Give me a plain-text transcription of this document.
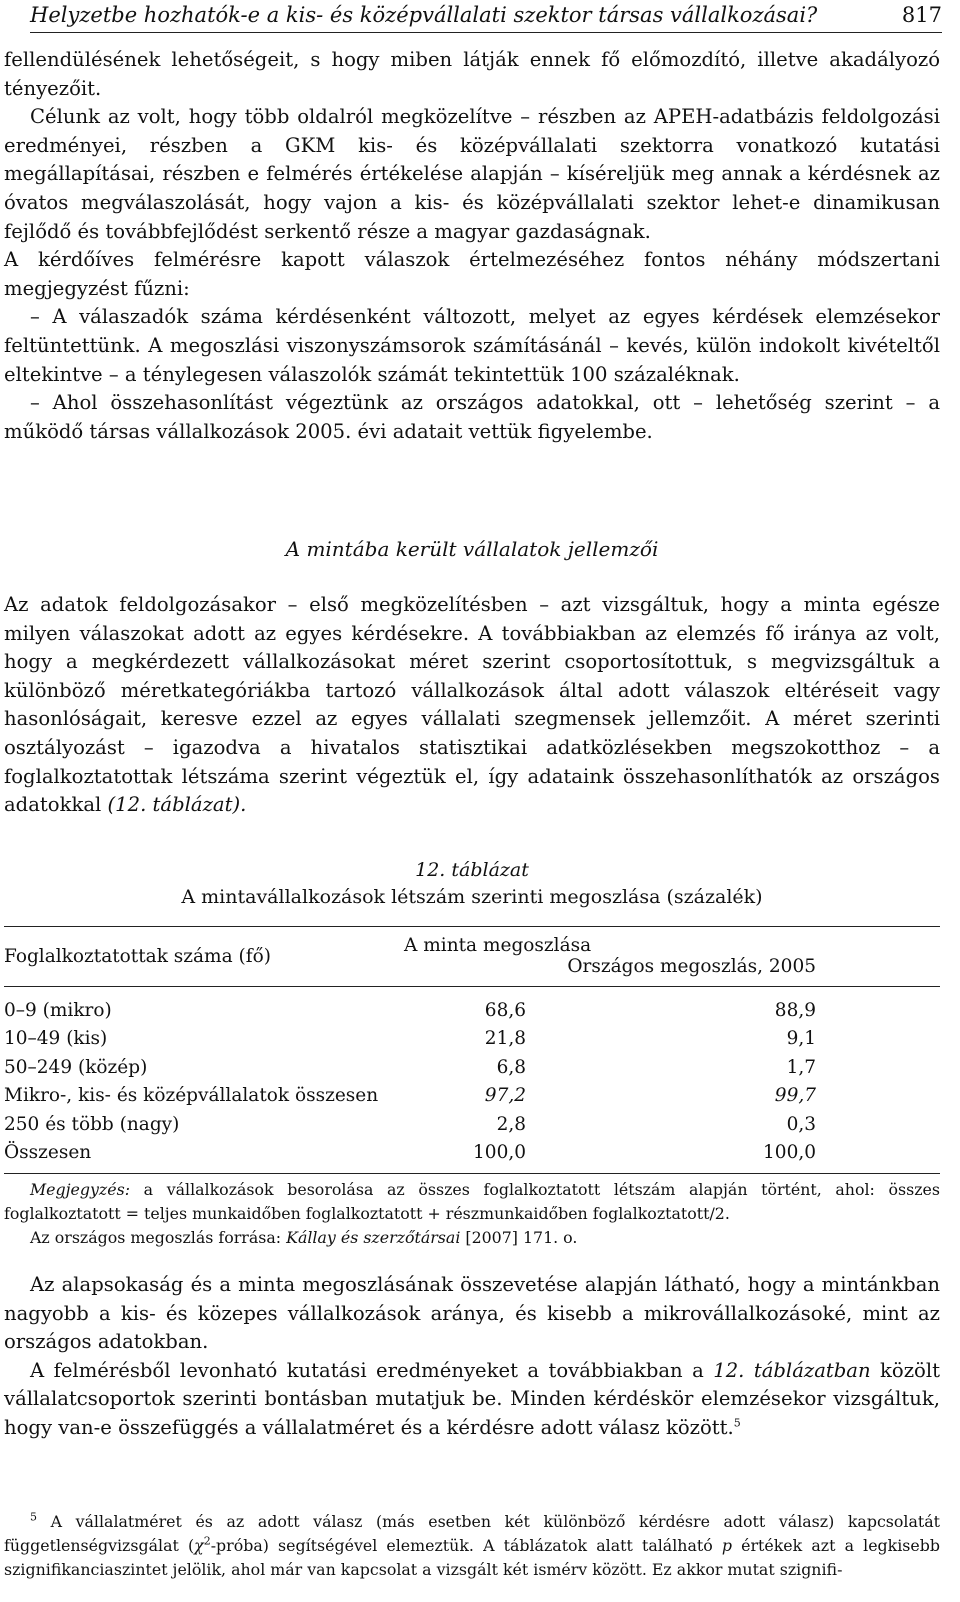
Helyzetbe hozhatók-e a kis- és középvállalati szektor társas vállalkozásai?	817

fellendülésének lehetőségeit, s hogy miben látják ennek fő előmozdító, illetve akadályozó tényezőit.

Célunk az volt, hogy több oldalról megközelítve – részben az APEH-adatbázis feldolgozási eredményei, részben a GKM kis- és középvállalati szektorra vonatkozó kutatási megállapításai, részben e felmérés értékelése alapján – kíséreljük meg annak a kérdésnek az óvatos megválaszolását, hogy vajon a kis- és középvállalati szektor lehet-e dinamikusan fejlődő és továbbfejlődést serkentő része a magyar gazdaságnak.

A kérdőíves felmérésre kapott válaszok értelmezéséhez fontos néhány módszertani megjegyzést fűzni:

– A válaszadók száma kérdésenként változott, melyet az egyes kérdések elemzésekor feltüntettünk. A megoszlási viszonyszámsorok számításánál – kevés, külön indokolt kivételtől eltekintve – a ténylegesen válaszolók számát tekintettük 100 százaléknak.

– Ahol összehasonlítást végeztünk az országos adatokkal, ott – lehetőség szerint – a működő társas vállalkozások 2005. évi adatait vettük figyelembe.

A mintába került vállalatok jellemzői

Az adatok feldolgozásakor – első megközelítésben – azt vizsgáltuk, hogy a minta egésze milyen válaszokat adott az egyes kérdésekre. A továbbiakban az elemzés fő iránya az volt, hogy a megkérdezett vállalkozásokat méret szerint csoportosítottuk, s megvizsgáltuk a különböző méretkategóriákba tartozó vállalkozások által adott válaszok eltéréseit vagy hasonlóságait, keresve ezzel az egyes vállalati szegmensek jellemzőit. A méret szerinti osztályozást – igazodva a hivatalos statisztikai adatközlésekben megszokotthoz – a foglalkoztatottak létszáma szerint végeztük el, így adataink összehasonlíthatók az országos adatokkal (12. táblázat).

12. táblázat
A mintavállalkozások létszám szerinti megoszlása (százalék)
Foglalkoztatottak száma (fő)	A minta megoszlása
Országos megoszlás, 2005		

0–9 (mikro)	68,6	88,9	
10–49 (kis)	21,8	9,1	
50–249 (közép)	6,8	1,7	
Mikro-, kis- és középvállalatok összesen	97,2	99,7	
250 és több (nagy)	2,8	0,3	
Összesen	100,0	100,0	

Megjegyzés: a vállalkozások besorolása az összes foglalkoztatott létszám alapján történt, ahol: összes foglalkoztatott = teljes munkaidőben foglalkoztatott + részmunkaidőben foglalkoztatott/2.

Az országos megoszlás forrása: Kállay és szerzőtársai [2007] 171. o.

Az alapsokaság és a minta megoszlásának összevetése alapján látható, hogy a mintánkban nagyobb a kis- és közepes vállalkozások aránya, és kisebb a mikrovállalkozásoké, mint az országos adatokban.

A felmérésből levonható kutatási eredményeket a továbbiakban a 12. táblázatban közölt vállalatcsoportok szerinti bontásban mutatjuk be. Minden kérdéskör elemzésekor vizsgáltuk, hogy van-e összefüggés a vállalatméret és a kérdésre adott válasz között.$^5$

$^5$ A vállalatméret és az adott válasz (más esetben két különböző kérdésre adott válasz) kapcsolatát függetlenségvizsgálat $(\chi^2-próba)$ segítségével elemeztük. A táblázatok alatt található p értékek azt a legkisebb szignifikanciaszintet jelölik, ahol már van kapcsolat a vizsgált két ismérv között. Ez akkor mutat szignifi-
